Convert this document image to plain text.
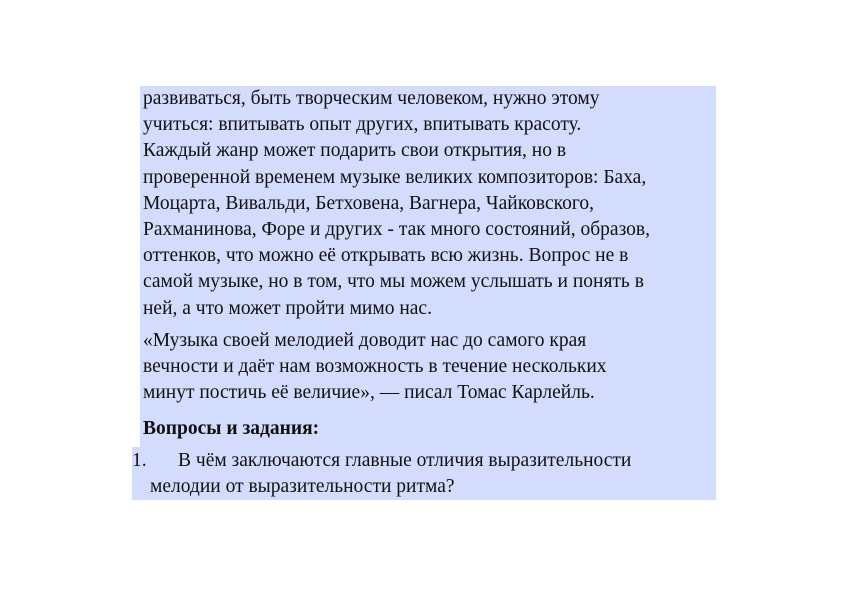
развиваться, быть творческим человеком, нужно этому
учиться: впитывать опыт других, впитывать красоту.
Каждый жанр может подарить свои открытия, но в
проверенной временем музыке великих композиторов: Баха,
Моцарта, Вивальди, Бетховена, Вагнера, Чайковского,
Рахманинова, Форе и других - так много состояний, образов,
оттенков, что можно её открывать всю жизнь. Вопрос не в
самой музыке, но в том, что мы можем услышать и понять в
ней, а что может пройти мимо нас.

«Музыка своей мелодией доводит нас до самого края
вечности и даёт нам возможность в течение нескольких
минут постичь её величие», — писал Томас Карлейль.

Вопросы и задания:
1.	В чём заключаются главные отличия выразительности
мелодии от выразительности ритма?
